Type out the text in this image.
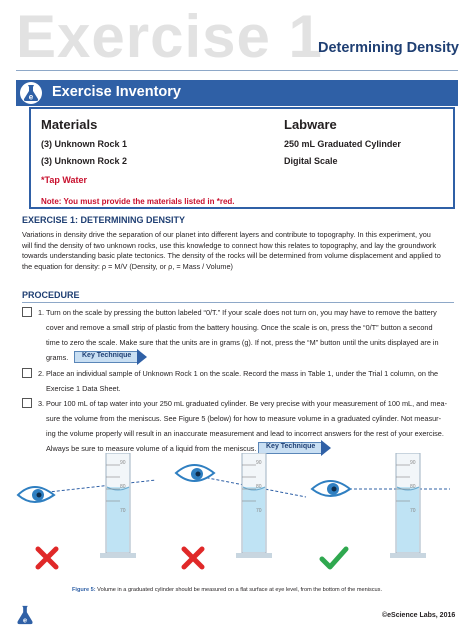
Exercise 1
Determining Density
e Exercise Inventory
Materials
(3) Unknown Rock 1
(3) Unknown Rock 2
*Tap Water
Labware
250 mL Graduated Cylinder
Digital Scale
Note: You must provide the materials listed in *red.
EXERCISE 1: DETERMINING DENSITY
Variations in density drive the separation of our planet into different layers and contribute to topography. In this experiment, you
will find the density of two unknown rocks, use this knowledge to connect how this relates to topography, and lay the groundwork
towards understanding basic plate tectonics. The density of the rocks will be determined from volume displacement and applied to
the equation for density: ρ = M/V (Density, or ρ, = Mass / Volume)
PROCEDURE
1. Turn on the scale by pressing the button labeled “0/T.” If your scale does not turn on, you may have to remove the battery
cover and remove a small strip of plastic from the battery housing. Once the scale is on, press the “0/T” button a second
time to zero the scale. Make sure that the units are in grams (g). If not, press the “M” button until the units displayed are in
grams. Key Technique
2. Place an individual sample of Unknown Rock 1 on the scale. Record the mass in Table 1, under the Trial 1 column, on the
Exercise 1 Data Sheet.
3. Pour 100 mL of tap water into your 250 mL graduated cylinder. Be very precise with your measurement of 100 mL, and mea-
sure the volume from the meniscus. See Figure 5 (below) for how to measure volume in a graduated cylinder. Not measur-
ing the volume properly will result in an inaccurate measurement and lead to incorrect answers for the rest of your exercise.
Always be sure to measure volume of a liquid from the meniscus. Key Technique
90
80
70
90
80
70
90
80
70
Figure 5: Volume in a graduated cylinder should be measured on a flat surface at eye level, from the bottom of the meniscus.
e	©eScience Labs, 2016
